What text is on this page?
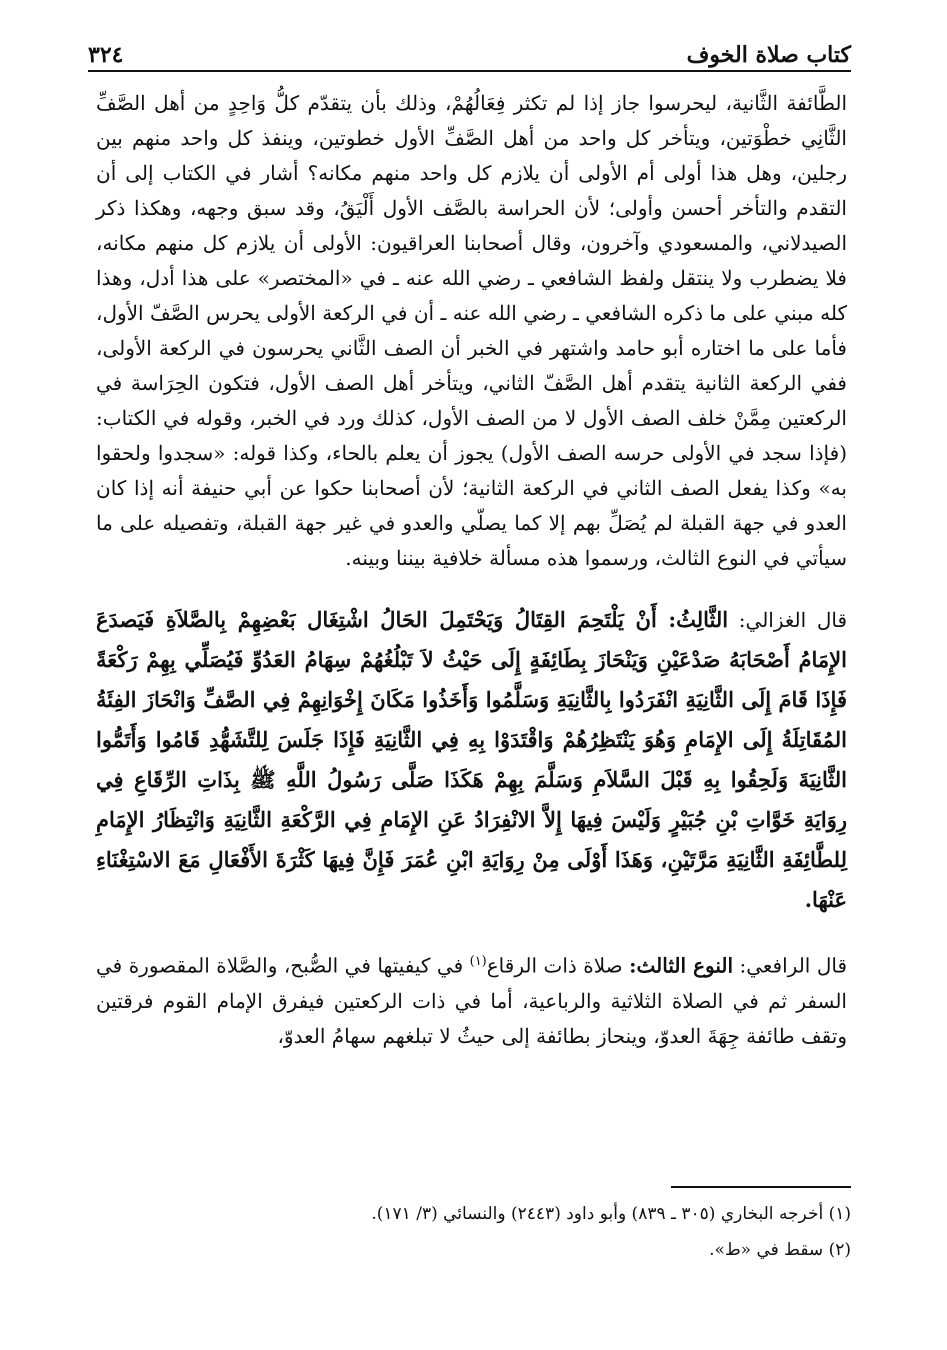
كتاب صلاة الخوف
٣٢٤

الطَّائفة الثَّانية، ليحرسوا جاز إذا لم تكثر فِعَالُهُمْ، وذلك بأن يتقدّم كلُّ وَاحِدٍ من أهل الصَّفِّ الثَّانِي خطْوَتين، ويتأخر كل واحد من أهل الصَّفِّ الأول خطوتين، وينفذ كل واحد منهم بين رجلين، وهل هذا أولى أم الأولى أن يلازم كل واحد منهم مكانه؟ أشار في الكتاب إلى أن التقدم والتأخر أحسن وأولى؛ لأن الحراسة بالصَّف الأول أَلْيَقُ، وقد سبق وجهه، وهكذا ذكر الصيدلاني، والمسعودي وآخرون، وقال أصحابنا العراقيون: الأولى أن يلازم كل منهم مكانه، فلا يضطرب ولا ينتقل ولفظ الشافعي ـ رضي الله عنه ـ في «المختصر» على هذا أدل، وهذا كله مبني على ما ذكره الشافعي ـ رضي الله عنه ـ أن في الركعة الأولى يحرس الصَّفّ الأول، فأما على ما اختاره أبو حامد واشتهر في الخبر أن الصف الثَّاني يحرسون في الركعة الأولى، ففي الركعة الثانية يتقدم أهل الصَّفّ الثاني، ويتأخر أهل الصف الأول، فتكون الحِرَاسة في الركعتين مِمَّنْ خلف الصف الأول لا من الصف الأول، كذلك ورد في الخبر، وقوله في الكتاب: (فإذا سجد في الأولى حرسه الصف الأول) يجوز أن يعلم بالحاء، وكذا قوله: «سجدوا ولحقوا به» وكذا يفعل الصف الثاني في الركعة الثانية؛ لأن أصحابنا حكوا عن أبي حنيفة أنه إذا كان العدو في جهة القبلة لم يُصَلِّ بهم إلا كما يصلّي والعدو في غير جهة القبلة، وتفصيله على ما سيأتي في النوع الثالث، ورسموا هذه مسألة خلافية بيننا وبينه.

قال الغزالي: الثَّالِثُ: أَنْ يَلْتَحِمَ القِتَالُ وَيَحْتَمِلَ الحَالُ اشْتِغَال بَعْضِهِمْ بِالصَّلاَةِ فَيَصدَعَ الإِمَامُ أَصْحَابَهُ صَدْعَيْنِ وَيَنْحَازَ بِطَائِفَةٍ إِلَى حَيْثُ لاَ تَبْلُغُهُمْ سِهَامُ العَدُوِّ فَيُصَلِّي بِهِمْ رَكْعَةً فَإِذَا قَامَ إِلَى الثَّانِيَةِ انْفَرَدُوا بِالثَّانِيَةِ وَسَلَّمُوا وَأَخَذُوا مَكَانَ إِخْوَانِهِمْ فِي الصَّفِّ وَانْحَازَ الفِئَةُ المُقَاتِلَةُ إِلَى الإِمَامِ وَهُوَ يَنْتَظِرُهُمْ وَاقْتَدَوْا بِهِ فِي الثَّانِيَةِ فَإِذَا جَلَسَ لِلتَّشَهُّدِ قَامُوا وَأَتَمُّوا الثَّانِيَةَ وَلَحِقُوا بِهِ قَبْلَ السَّلاَمِ وَسَلَّمَ بِهِمْ هَكَذَا صَلَّى رَسُولُ اللَّهِ ﷺ بِذَاتِ الرِّقَاعِ فِي رِوَايَةِ خَوَّاتِ بْنِ جُبَيْرٍ وَلَيْسَ فِيهَا إِلاَّ الانْفِرَادُ عَنِ الإِمَامِ فِي الرَّكْعَةِ الثَّانِيَةِ وَانْتِظَارُ الإِمَامِ لِلطَّائِفَةِ الثَّانِيَةِ مَرَّتَيْنِ، وَهَذَا أَوْلَى مِنْ رِوَايَةِ ابْنِ عُمَرَ فَإِنَّ فِيهَا كَثْرَةَ الأَفْعَالِ مَعَ الاسْتِغْنَاءِ عَنْهَا.

قال الرافعي: النوع الثالث: صلاة ذات الرقاع$^{(١)}$ في كيفيتها في الصُّبح، والصَّلاة المقصورة في السفر ثم في الصلاة الثلاثية والرباعية، أما في ذات الركعتين فيفرق الإمام القوم فرقتين وتقف طائفة جِهَةَ العدوّ، وينحاز بطائفة إلى حيثُ لا تبلغهم سهامُ العدوّ،

(١) أخرجه البخاري (٣٠٥ ـ ٨٣٩) وأبو داود (٢٤٤٣) والنسائي (٣/ ١٧١).

(٢) سقط في «ط».
